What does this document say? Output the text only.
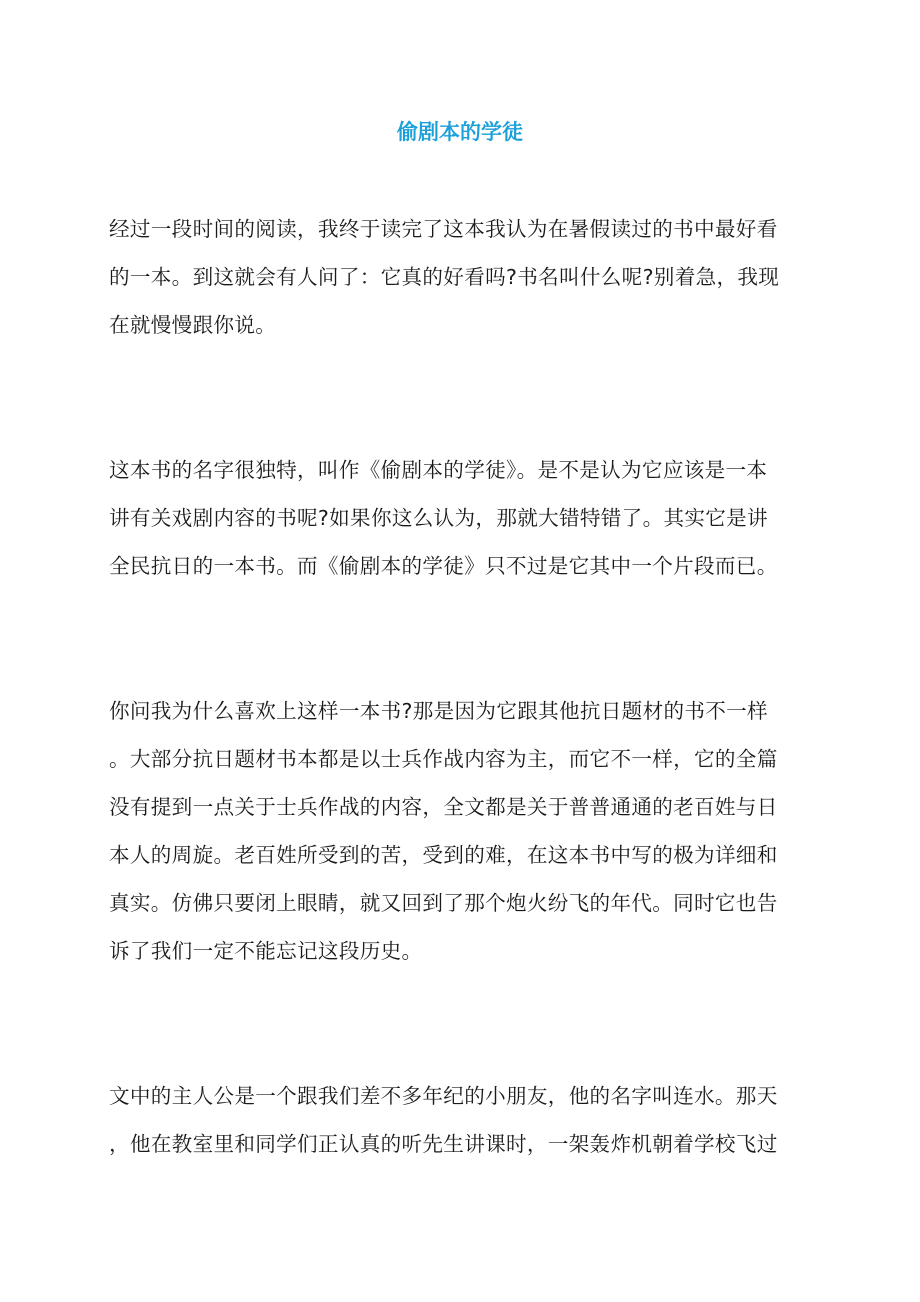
偷剧本的学徒

经过一段时间的阅读，我终于读完了这本我认为在暑假读过的书中最好看
的一本。到这就会有人问了：它真的好看吗?书名叫什么呢?别着急，我现
在就慢慢跟你说。

这本书的名字很独特，叫作《偷剧本的学徒》。是不是认为它应该是一本
讲有关戏剧内容的书呢?如果你这么认为，那就大错特错了。其实它是讲
全民抗日的一本书。而《偷剧本的学徒》只不过是它其中一个片段而已。

你问我为什么喜欢上这样一本书?那是因为它跟其他抗日题材的书不一样
。大部分抗日题材书本都是以士兵作战内容为主，而它不一样，它的全篇
没有提到一点关于士兵作战的内容，全文都是关于普普通通的老百姓与日
本人的周旋。老百姓所受到的苦，受到的难，在这本书中写的极为详细和
真实。仿佛只要闭上眼睛，就又回到了那个炮火纷飞的年代。同时它也告
诉了我们一定不能忘记这段历史。

文中的主人公是一个跟我们差不多年纪的小朋友，他的名字叫连水。那天
，他在教室里和同学们正认真的听先生讲课时，一架轰炸机朝着学校飞过
